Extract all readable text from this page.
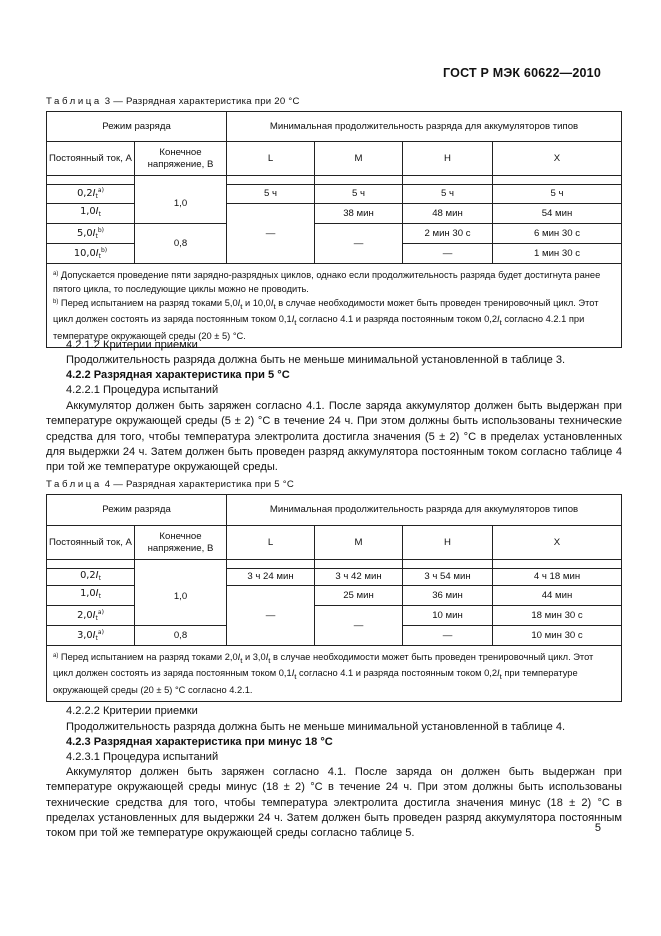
ГОСТ Р МЭК 60622—2010
Таблица 3 — Разрядная характеристика при 20 °С
Режим разряда		Минимальная продолжительность разряда для аккумуляторов типов			
Постоянный ток, А	Конечное
напряжение, В	L	M	H	X

$0,2I_t^{а)}$	1,0	5 ч	5 ч	5 ч	5 ч
$1,0I_t$		—	38 мин	48 мин	54 мин
$5,0I_t^{b)}$	0,8		—	2 мин 30 с	6 мин 30 с
$10,0I_t^{b)}$				—	1 мин 30 с

$^{а)}$ Допускается проведение пяти зарядно-разрядных циклов, однако если продолжительность разряда будет достигнута ранее пятого цикла, то последующие циклы можно не проводить.
$^{b)}$ Перед испытанием на разряд токами $5,0I_t$ и $10,0I_t$ в случае необходимости может быть проведен тренировочный цикл. Этот цикл должен состоять из заряда постоянным током $0,1I_t$ согласно 4.1 и разряда постоянным током $0,2I_t$ согласно 4.2.1 при температуре окружающей среды (20 ± 5) °С.					
4.2.1.2 Критерии приемки
Продолжительность разряда должна быть не меньше минимальной установленной в таблице 3.
4.2.2 Разрядная характеристика при 5 °С
4.2.2.1 Процедура испытаний
Аккумулятор должен быть заряжен согласно 4.1. После заряда аккумулятор должен быть выдержан при температуре окружающей среды (5 ± 2) °С в течение 24 ч. При этом должны быть использованы технические средства для того, чтобы температура электролита достигла значения (5 ± 2) °С в пределах установленных для выдержки 24 ч. Затем должен быть проведен разряд аккумулятора постоянным током согласно таблице 4 при той же температуре окружающей среды.
Таблица 4 — Разрядная характеристика при 5 °С
Режим разряда		Минимальная продолжительность разряда для аккумуляторов типов			
Постоянный ток, А	Конечное
напряжение, В	L	M	H	X

$0,2I_t$	1,0	3 ч 24 мин	3 ч 42 мин	3 ч 54 мин	4 ч 18 мин
$1,0I_t$		—	25 мин	36 мин	44 мин
$2,0I_t^{а)}$			—	10 мин	18 мин 30 с
$3,0I_t^{а)}$	0,8			—	10 мин 30 с

$^{а)}$ Перед испытанием на разряд токами $2,0I_t$ и $3,0I_t$ в случае необходимости может быть проведен тренировочный цикл. Этот цикл должен состоять из заряда постоянным током $0,1I_t$ согласно 4.1 и разряда постоянным током $0,2I_t$ при температуре окружающей среды (20 ± 5) °С согласно 4.2.1.					
4.2.2.2 Критерии приемки
Продолжительность разряда должна быть не меньше минимальной установленной в таблице 4.
4.2.3 Разрядная характеристика при минус 18 °С
4.2.3.1 Процедура испытаний
Аккумулятор должен быть заряжен согласно 4.1. После заряда он должен быть выдержан при температуре окружающей среды минус (18 ± 2) °С в течение 24 ч. При этом должны быть использованы технические средства для того, чтобы температура электролита достигла значения минус (18 ± 2) °С в пределах установленных для выдержки 24 ч. Затем должен быть проведен разряд аккумулятора постоянным током при той же температуре окружающей среды согласно таблице 5.	5
